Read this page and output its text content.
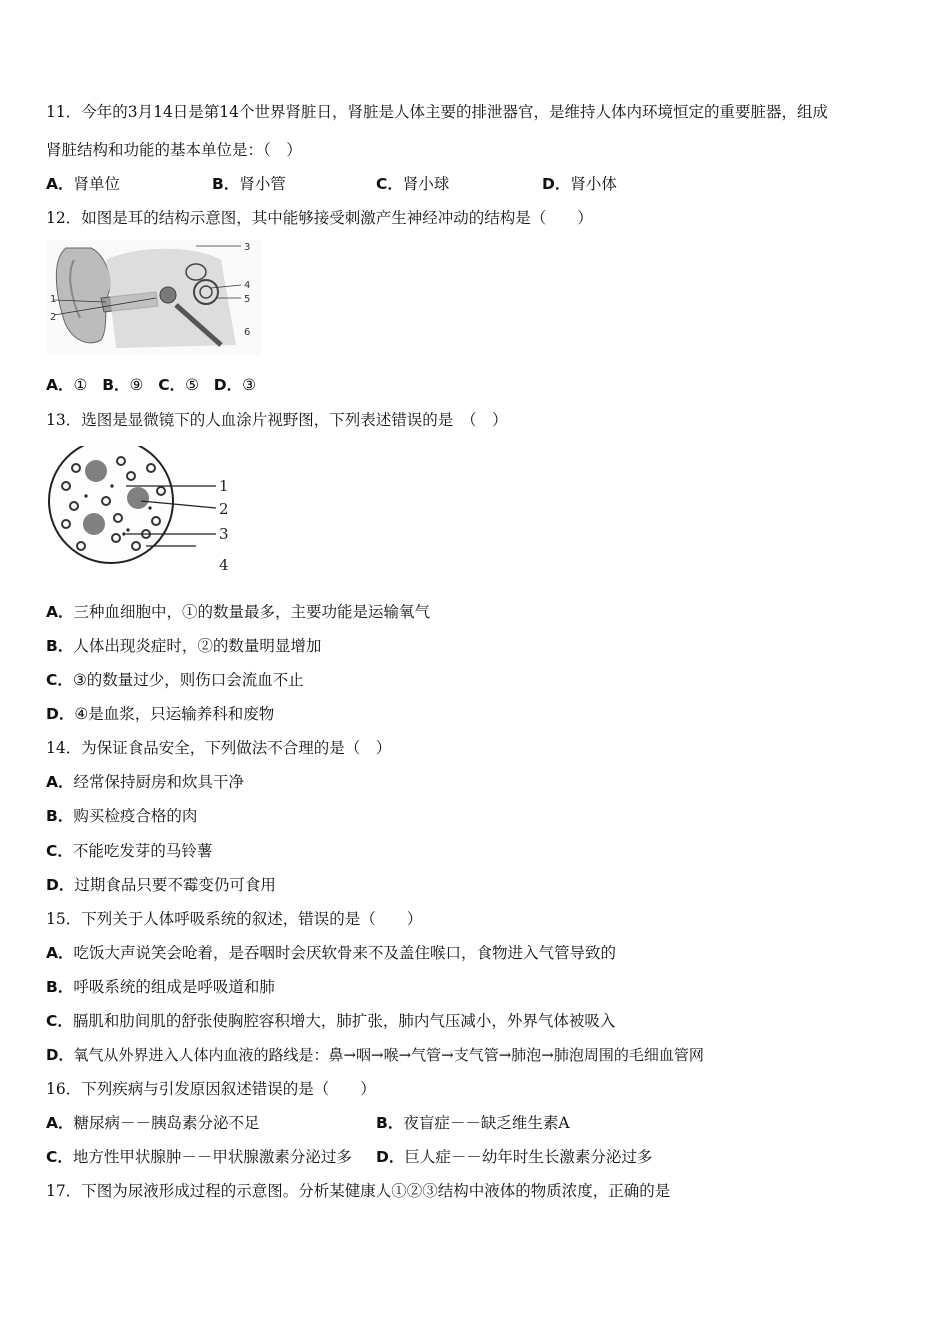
11．今年的3月14日是第14个世界肾脏日，肾脏是人体主要的排泄器官，是维持人体内环境恒定的重要脏器，组成
肾脏结构和功能的基本单位是：（　）
A．肾单位	B．肾小管	C．肾小球	D．肾小体
12．如图是耳的结构示意图，其中能够接受刺激产生神经冲动的结构是（　　）
1
2
3
4
5
6
A．① B．⑨ C．⑤ D．③
13．选图是显微镜下的人血涂片视野图，下列表述错误的是　（　）
1
2
3
4
A．三种血细胞中，①的数量最多，主要功能是运输氧气
B．人体出现炎症时，②的数量明显增加
C．③的数量过少，则伤口会流血不止
D．④是血浆，只运输养科和废物
14．为保证食品安全，下列做法不合理的是（　）
A．经常保持厨房和炊具干净
B．购买检疫合格的肉
C．不能吃发芽的马铃薯
D．过期食品只要不霉变仍可食用
15．下列关于人体呼吸系统的叙述，错误的是（　　）
A．吃饭大声说笑会呛着，是吞咽时会厌软骨来不及盖住喉口，食物进入气管导致的
B．呼吸系统的组成是呼吸道和肺
C．膈肌和肋间肌的舒张使胸腔容积增大，肺扩张，肺内气压减小，外界气体被吸入
D．氧气从外界进入人体内血液的路线是：鼻→咽→喉→气管→支气管→肺泡→肺泡周围的毛细血管网
16．下列疾病与引发原因叙述错误的是（　　）
A．糖尿病－－胰岛素分泌不足	B．夜盲症－－缺乏维生素A
C．地方性甲状腺肿－－甲状腺激素分泌过多 D．巨人症－－幼年时生长激素分泌过多
17．下图为尿液形成过程的示意图。分析某健康人①②③结构中液体的物质浓度，正确的是
